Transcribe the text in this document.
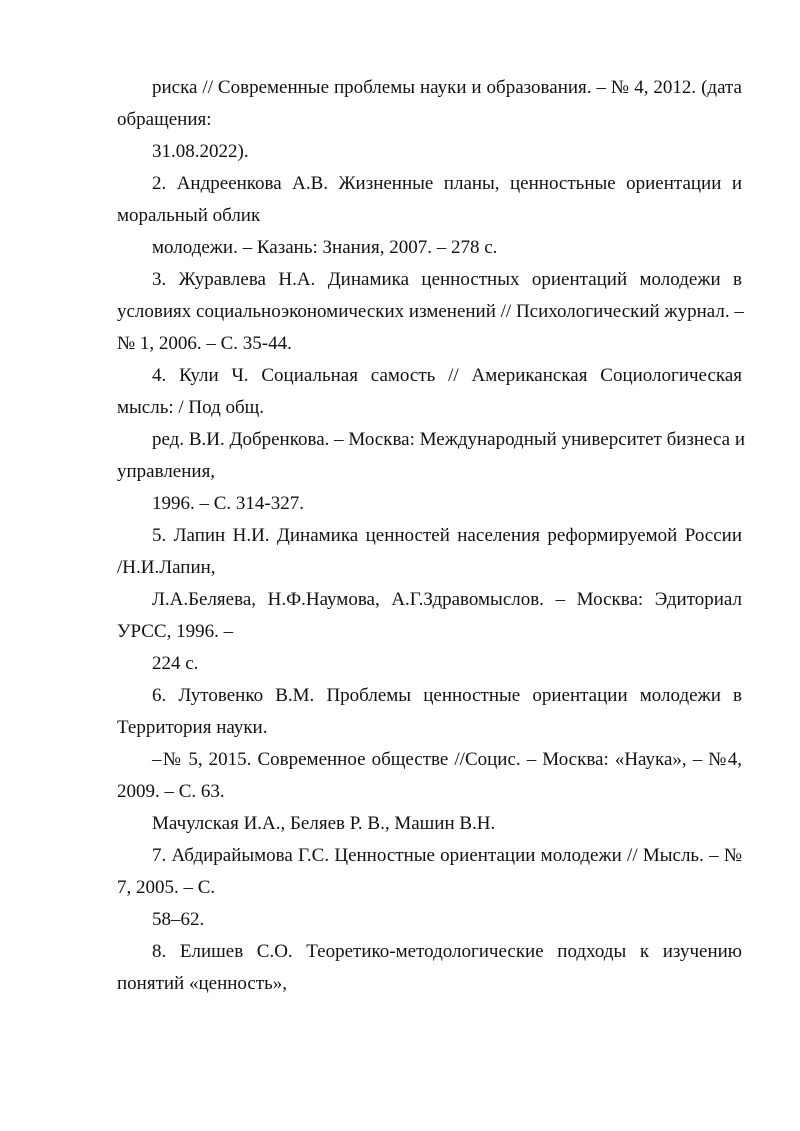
риска // Современные проблемы науки и образования. – № 4, 2012. (дата
обращения:
31.08.2022).
2. Андреенкова А.В. Жизненные планы, ценностьные ориентации и
моральный облик
молодежи. – Казань: Знания, 2007. – 278 с.
3. Журавлева Н.А. Динамика ценностных ориентаций молодежи в
условиях социальноэкономических изменений // Психологический журнал. –
№ 1, 2006. – С. 35-44.
4. Кули Ч. Социальная самость // Американская Социологическая
мысль: / Под общ.
ред. В.И. Добренкова. – Москва: Международный университет бизнеса и
управления,
1996. – С. 314-327.
5. Лапин Н.И. Динамика ценностей населения реформируемой России
/Н.И.Лапин,
Л.А.Беляева, Н.Ф.Наумова, А.Г.Здравомыслов. – Москва: Эдиториал
УРСС, 1996. –
224 с.
6. Лутовенко В.М. Проблемы ценностные ориентации молодежи в
Территория науки.
–№ 5, 2015. Современное обществе //Социс. – Москва: «Наука», – №4,
2009. – С. 63.
Мачулская И.А., Беляев Р. В., Машин В.Н.
7. Абдирайымова Г.С. Ценностные ориентации молодежи // Мысль. – №
7, 2005. – С.
58–62.
8. Елишев С.О. Теоретико-методологические подходы к изучению
понятий «ценность»,
